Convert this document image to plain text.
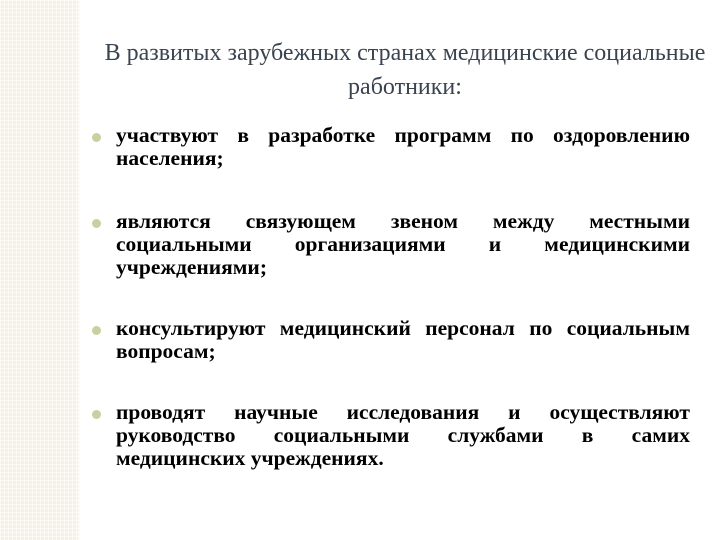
В развитых зарубежных странах медицинские социальные работники:
участвуют в разработке программ по оздоровлению населения;
являются связующем звеном между местными социальными организациями и медицинскими учреждениями;
консультируют медицинский персонал по социальным вопросам;
проводят научные исследования и осуществляют руководство социальными службами в самих медицинских учреждениях.
